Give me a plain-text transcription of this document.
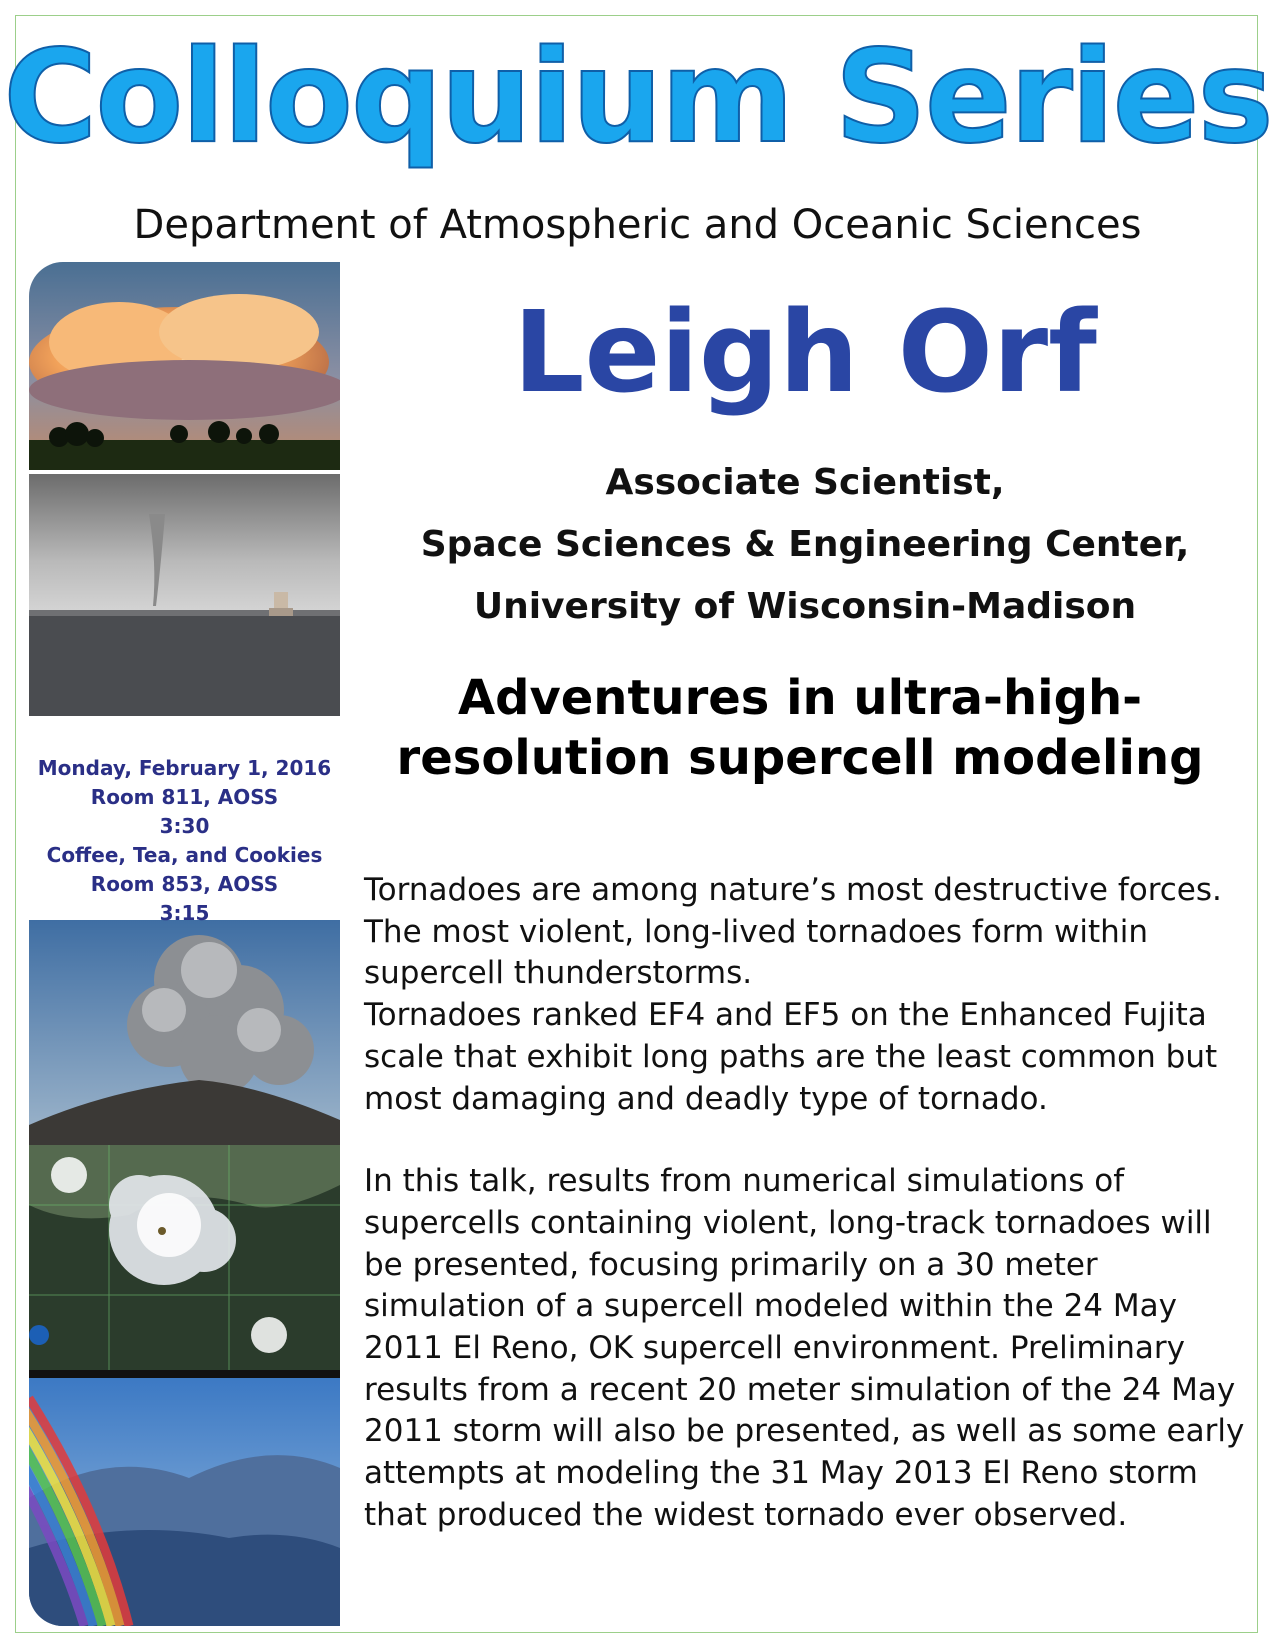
Colloquium Series
Department of Atmospheric and Oceanic Sciences
Leigh Orf
Associate Scientist,
Space Sciences & Engineering Center,
University of Wisconsin-Madison
Adventures in ultra-high-
resolution supercell modeling
Monday, February 1, 2016
Room 811, AOSS
3:30
Coffee, Tea, and Cookies
Room 853, AOSS
3:15

Tornadoes are among nature’s most destructive forces. The most violent, long-lived tornadoes form within supercell thunderstorms.

Tornadoes ranked EF4 and EF5 on the Enhanced Fujita scale that exhibit long paths are the least common but most damaging and deadly type of tornado.

In this talk, results from numerical simulations of supercells containing violent, long-track tornadoes will be presented, focusing primarily on a 30 meter simulation of a supercell modeled within the 24 May 2011 El Reno, OK supercell environment. Preliminary results from a recent 20 meter simulation of the 24 May 2011 storm will also be presented, as well as some early attempts at modeling the 31 May 2013 El Reno storm that produced the widest tornado ever observed.
